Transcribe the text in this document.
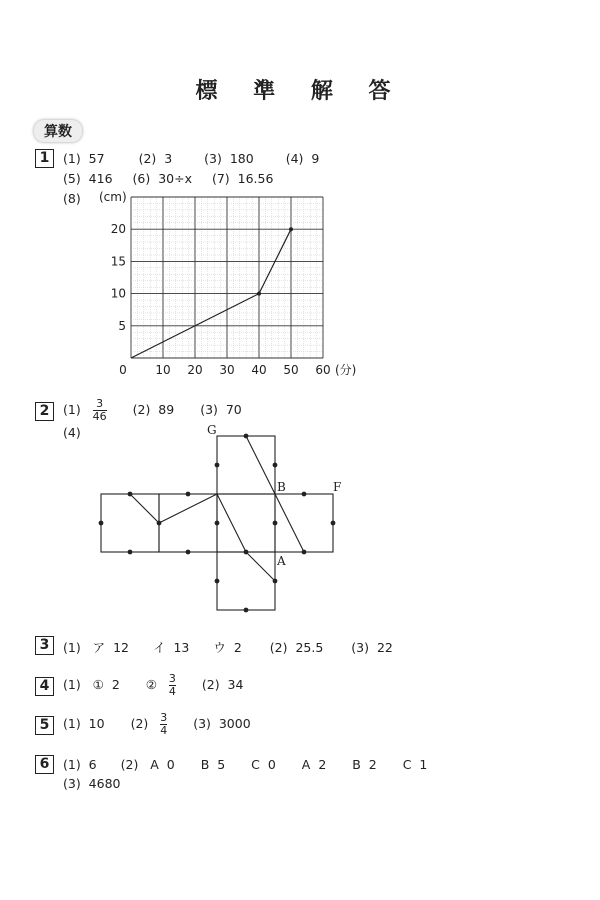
標 準 解 答
算数
1	(1) 57	(2) 3	(3) 180	(4) 9
(5) 416 (6) 30÷x (7) 16.56
(8)
0 10 20 30 40 50 60
5
10
15
20
(cm)
(分)
2	$(1) \frac{3}{46} (2)$ 89 (3) 70
(4)	G
B	F
A
3	(1) ア 12 イ 13 ウ 2 (2) 25.5 (3) 22
4	(1) ① 2 ② $\frac{3}{4} (2)$ 34
5	(1) 10 $(2) \frac{3}{4} (3)$ 3000
6	(1) 6 (2) A 0 B 5 C 0 A 2 B 2 C 1
(3) 4680
